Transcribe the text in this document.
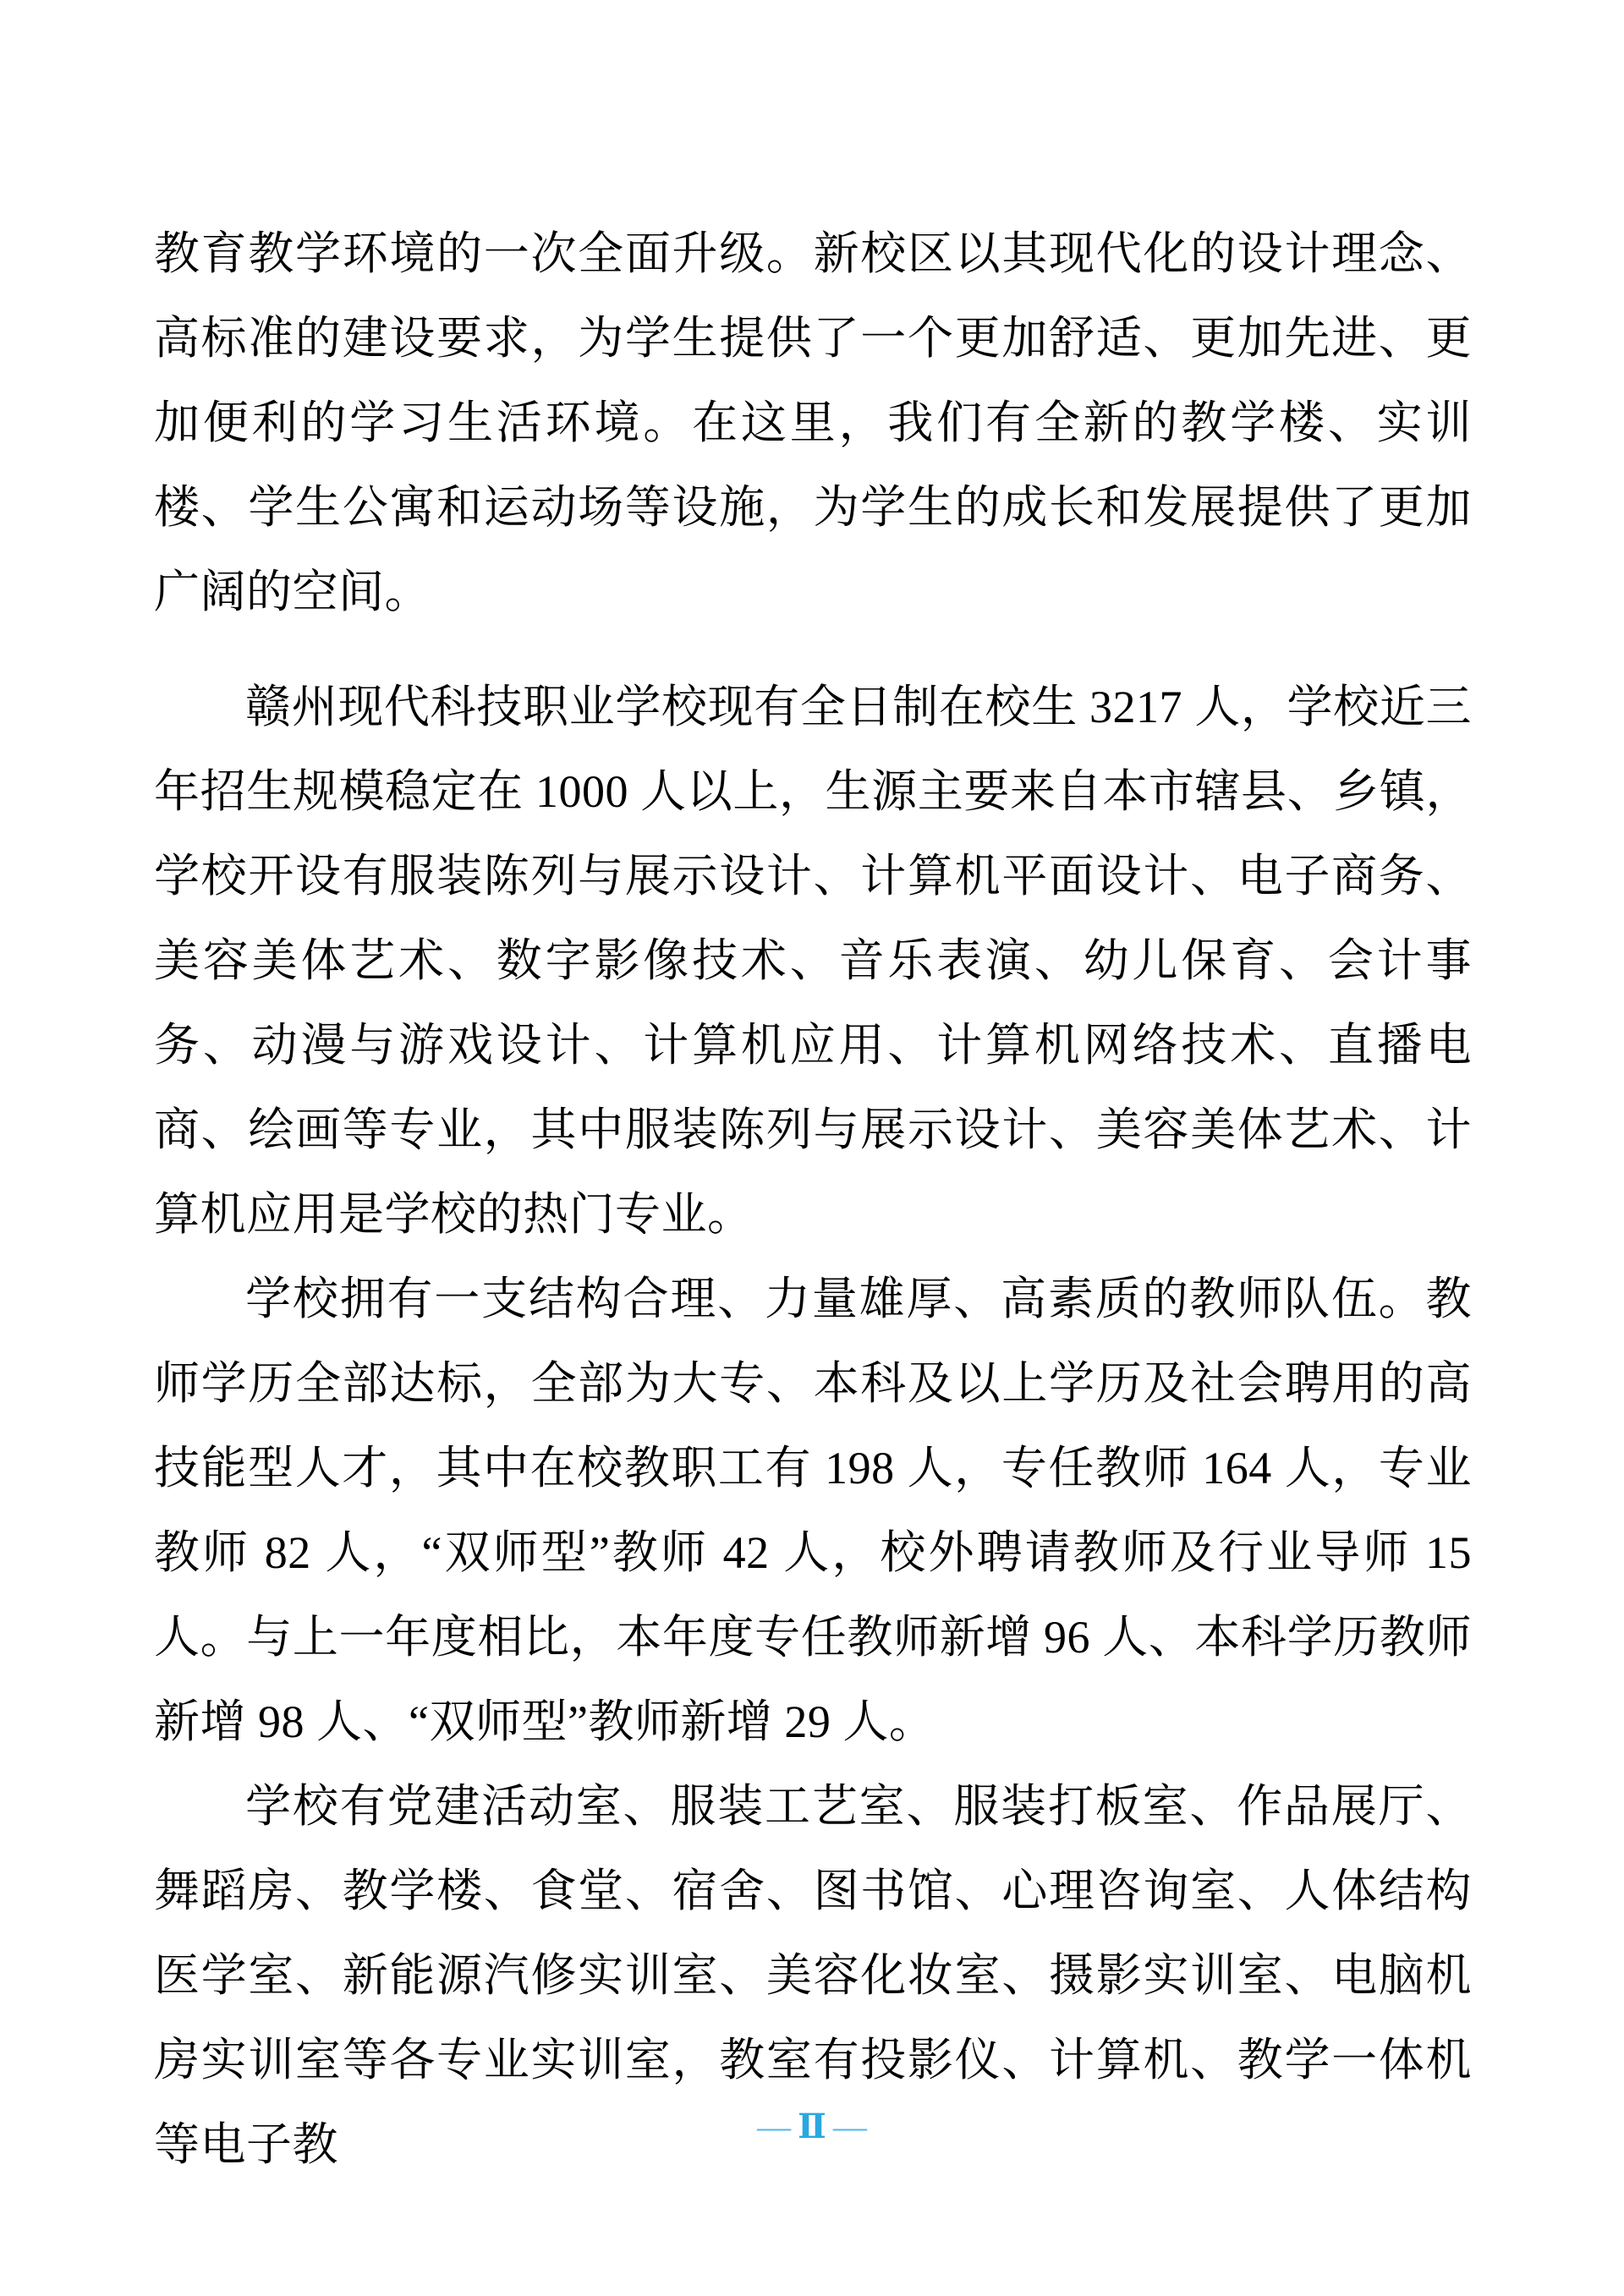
教育教学环境的一次全面升级。新校区以其现代化的设计理念、高标准的建设要求，为学生提供了一个更加舒适、更加先进、更加便利的学习生活环境。在这里，我们有全新的教学楼、实训楼、学生公寓和运动场等设施，为学生的成长和发展提供了更加广阔的空间。

赣州现代科技职业学校现有全日制在校生 3217 人，学校近三年招生规模稳定在 1000 人以上，生源主要来自本市辖县、乡镇，学校开设有服装陈列与展示设计、计算机平面设计、电子商务、美容美体艺术、数字影像技术、音乐表演、幼儿保育、会计事务、动漫与游戏设计、计算机应用、计算机网络技术、直播电商、绘画等专业，其中服装陈列与展示设计、美容美体艺术、计算机应用是学校的热门专业。

学校拥有一支结构合理、力量雄厚、高素质的教师队伍。教师学历全部达标，全部为大专、本科及以上学历及社会聘用的高技能型人才，其中在校教职工有 198 人，专任教师 164 人，专业教师 82 人，“双师型”教师 42 人，校外聘请教师及行业导师 15 人。与上一年度相比，本年度专任教师新增 96 人、本科学历教师新增 98 人、“双师型”教师新增 29 人。

学校有党建活动室、服装工艺室、服装打板室、作品展厅、舞蹈房、教学楼、食堂、宿舍、图书馆、心理咨询室、人体结构医学室、新能源汽修实训室、美容化妆室、摄影实训室、电脑机房实训室等各专业实训室，教室有投影仪、计算机、教学一体机等电子教	— Ⅱ —
